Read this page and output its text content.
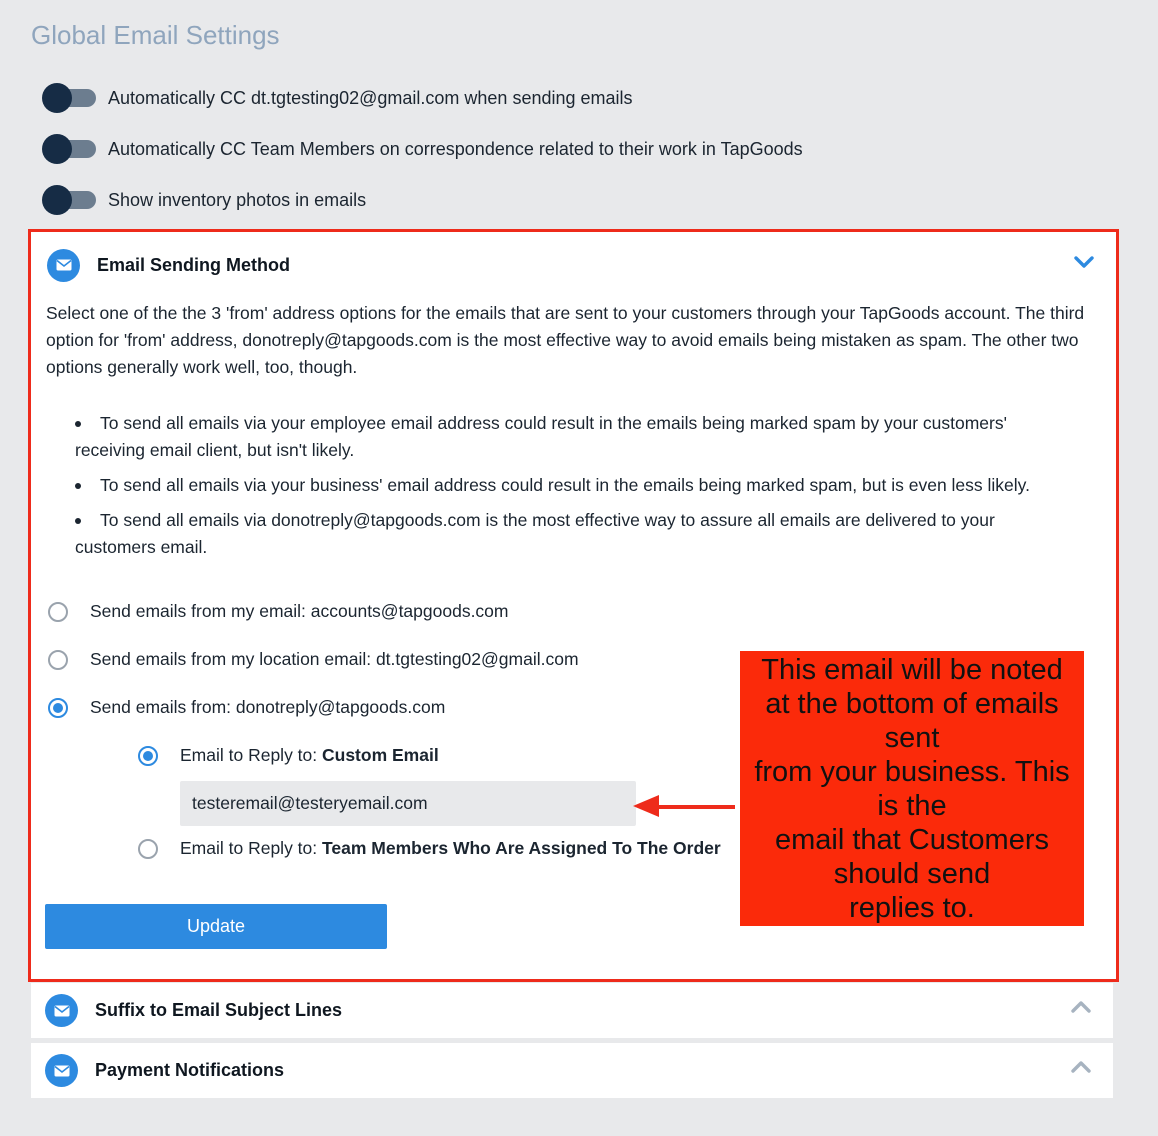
Global Email Settings
Automatically CC dt.tgtesting02@gmail.com when sending emails
Automatically CC Team Members on correspondence related to their work in TapGoods
Show inventory photos in emails
Email Sending Method

Select one of the the 3 'from' address options for the emails that are sent to your customers through your TapGoods account. The third option for 'from' address, donotreply@tapgoods.com is the most effective way to avoid emails being mistaken as spam. The other two options generally work well, too, though.

To send all emails via your employee email address could result in the emails being marked spam by your customers' receiving email client, but isn't likely.
To send all emails via your business' email address could result in the emails being marked spam, but is even less likely.
To send all emails via donotreply@tapgoods.com is the most effective way to assure all emails are delivered to your customers email.
Send emails from my email: accounts@tapgoods.com
Send emails from my location email: dt.tgtesting02@gmail.com
Send emails from: donotreply@tapgoods.com
Email to Reply to: Custom Email
testeremail@testeryemail.com
Email to Reply to: Team Members Who Are Assigned To The Order
Update
This email will be noted
at the bottom of emails
sent
from your business. This
is the
email that Customers
should send
replies to.
Suffix to Email Subject Lines
Payment Notifications
